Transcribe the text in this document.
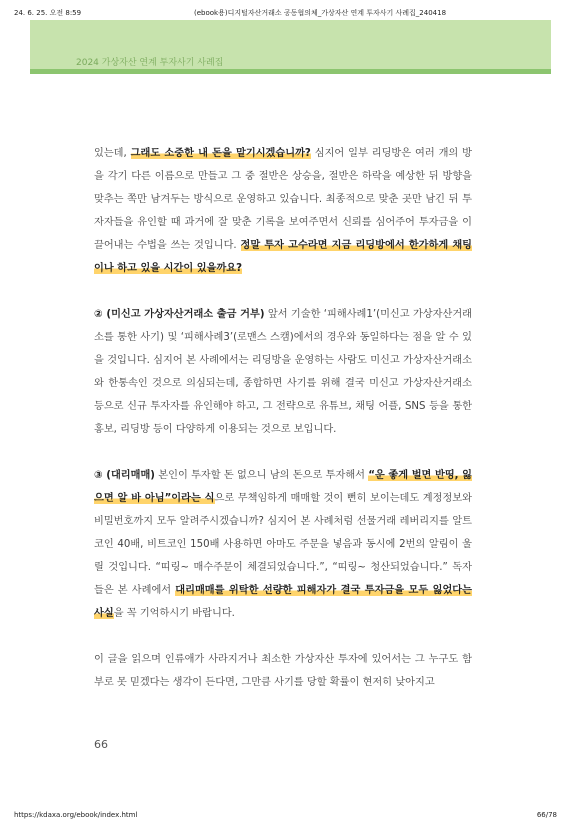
24. 6. 25. 오전 8:59	(ebook용)디지털자산거래소 공동협의체_가상자산 연계 투자사기 사례집_240418
2024 가상자산 연계 투자사기 사례집

있는데, 그래도 소중한 내 돈을 맡기시겠습니까? 심지어 일부 리딩방은 여러 개의 방을 각기 다른 이름으로 만들고 그 중 절반은 상승을, 절반은 하락을 예상한 뒤 방향을 맞추는 쪽만 남겨두는 방식으로 운영하고 있습니다. 최종적으로 맞춘 곳만 남긴 뒤 투자자들을 유인할 때 과거에 잘 맞춘 기록을 보여주면서 신뢰를 심어주어 투자금을 이끌어내는 수법을 쓰는 것입니다. 정말 투자 고수라면 지금 리딩방에서 한가하게 채팅이나 하고 있을 시간이 있을까요?

② (미신고 가상자산거래소 출금 거부) 앞서 기술한 ‘피해사례1’(미신고 가상자산거래소를 통한 사기) 및 ‘피해사례3’(로맨스 스캠)에서의 경우와 동일하다는 점을 알 수 있을 것입니다. 심지어 본 사례에서는 리딩방을 운영하는 사람도 미신고 가상자산거래소와 한통속인 것으로 의심되는데, 종합하면 사기를 위해 결국 미신고 가상자산거래소 등으로 신규 투자자를 유인해야 하고, 그 전략으로 유튜브, 채팅 어플, SNS 등을 통한 홍보, 리딩방 등이 다양하게 이용되는 것으로 보입니다.

③ (대리매매) 본인이 투자할 돈 없으니 남의 돈으로 투자해서 “운 좋게 벌면 반띵, 잃으면 알 바 아님”이라는 식으로 무책임하게 매매할 것이 뻔히 보이는데도 계정정보와 비밀번호까지 모두 알려주시겠습니까? 심지어 본 사례처럼 선물거래 레버리지를 알트코인 40배, 비트코인 150배 사용하면 아마도 주문을 넣음과 동시에 2번의 알림이 울릴 것입니다. “띠링~ 매수주문이 체결되었습니다.”, “띠링~ 청산되었습니다.” 독자들은 본 사례에서 대리매매를 위탁한 선량한 피해자가 결국 투자금을 모두 잃었다는 사실을 꼭 기억하시기 바랍니다.

이 글을 읽으며 인류애가 사라지거나 최소한 가상자산 투자에 있어서는 그 누구도 함부로 못 믿겠다는 생각이 든다면, 그만큼 사기를 당할 확률이 현저히 낮아지고

66
https://kdaxa.org/ebook/index.html	66/78
